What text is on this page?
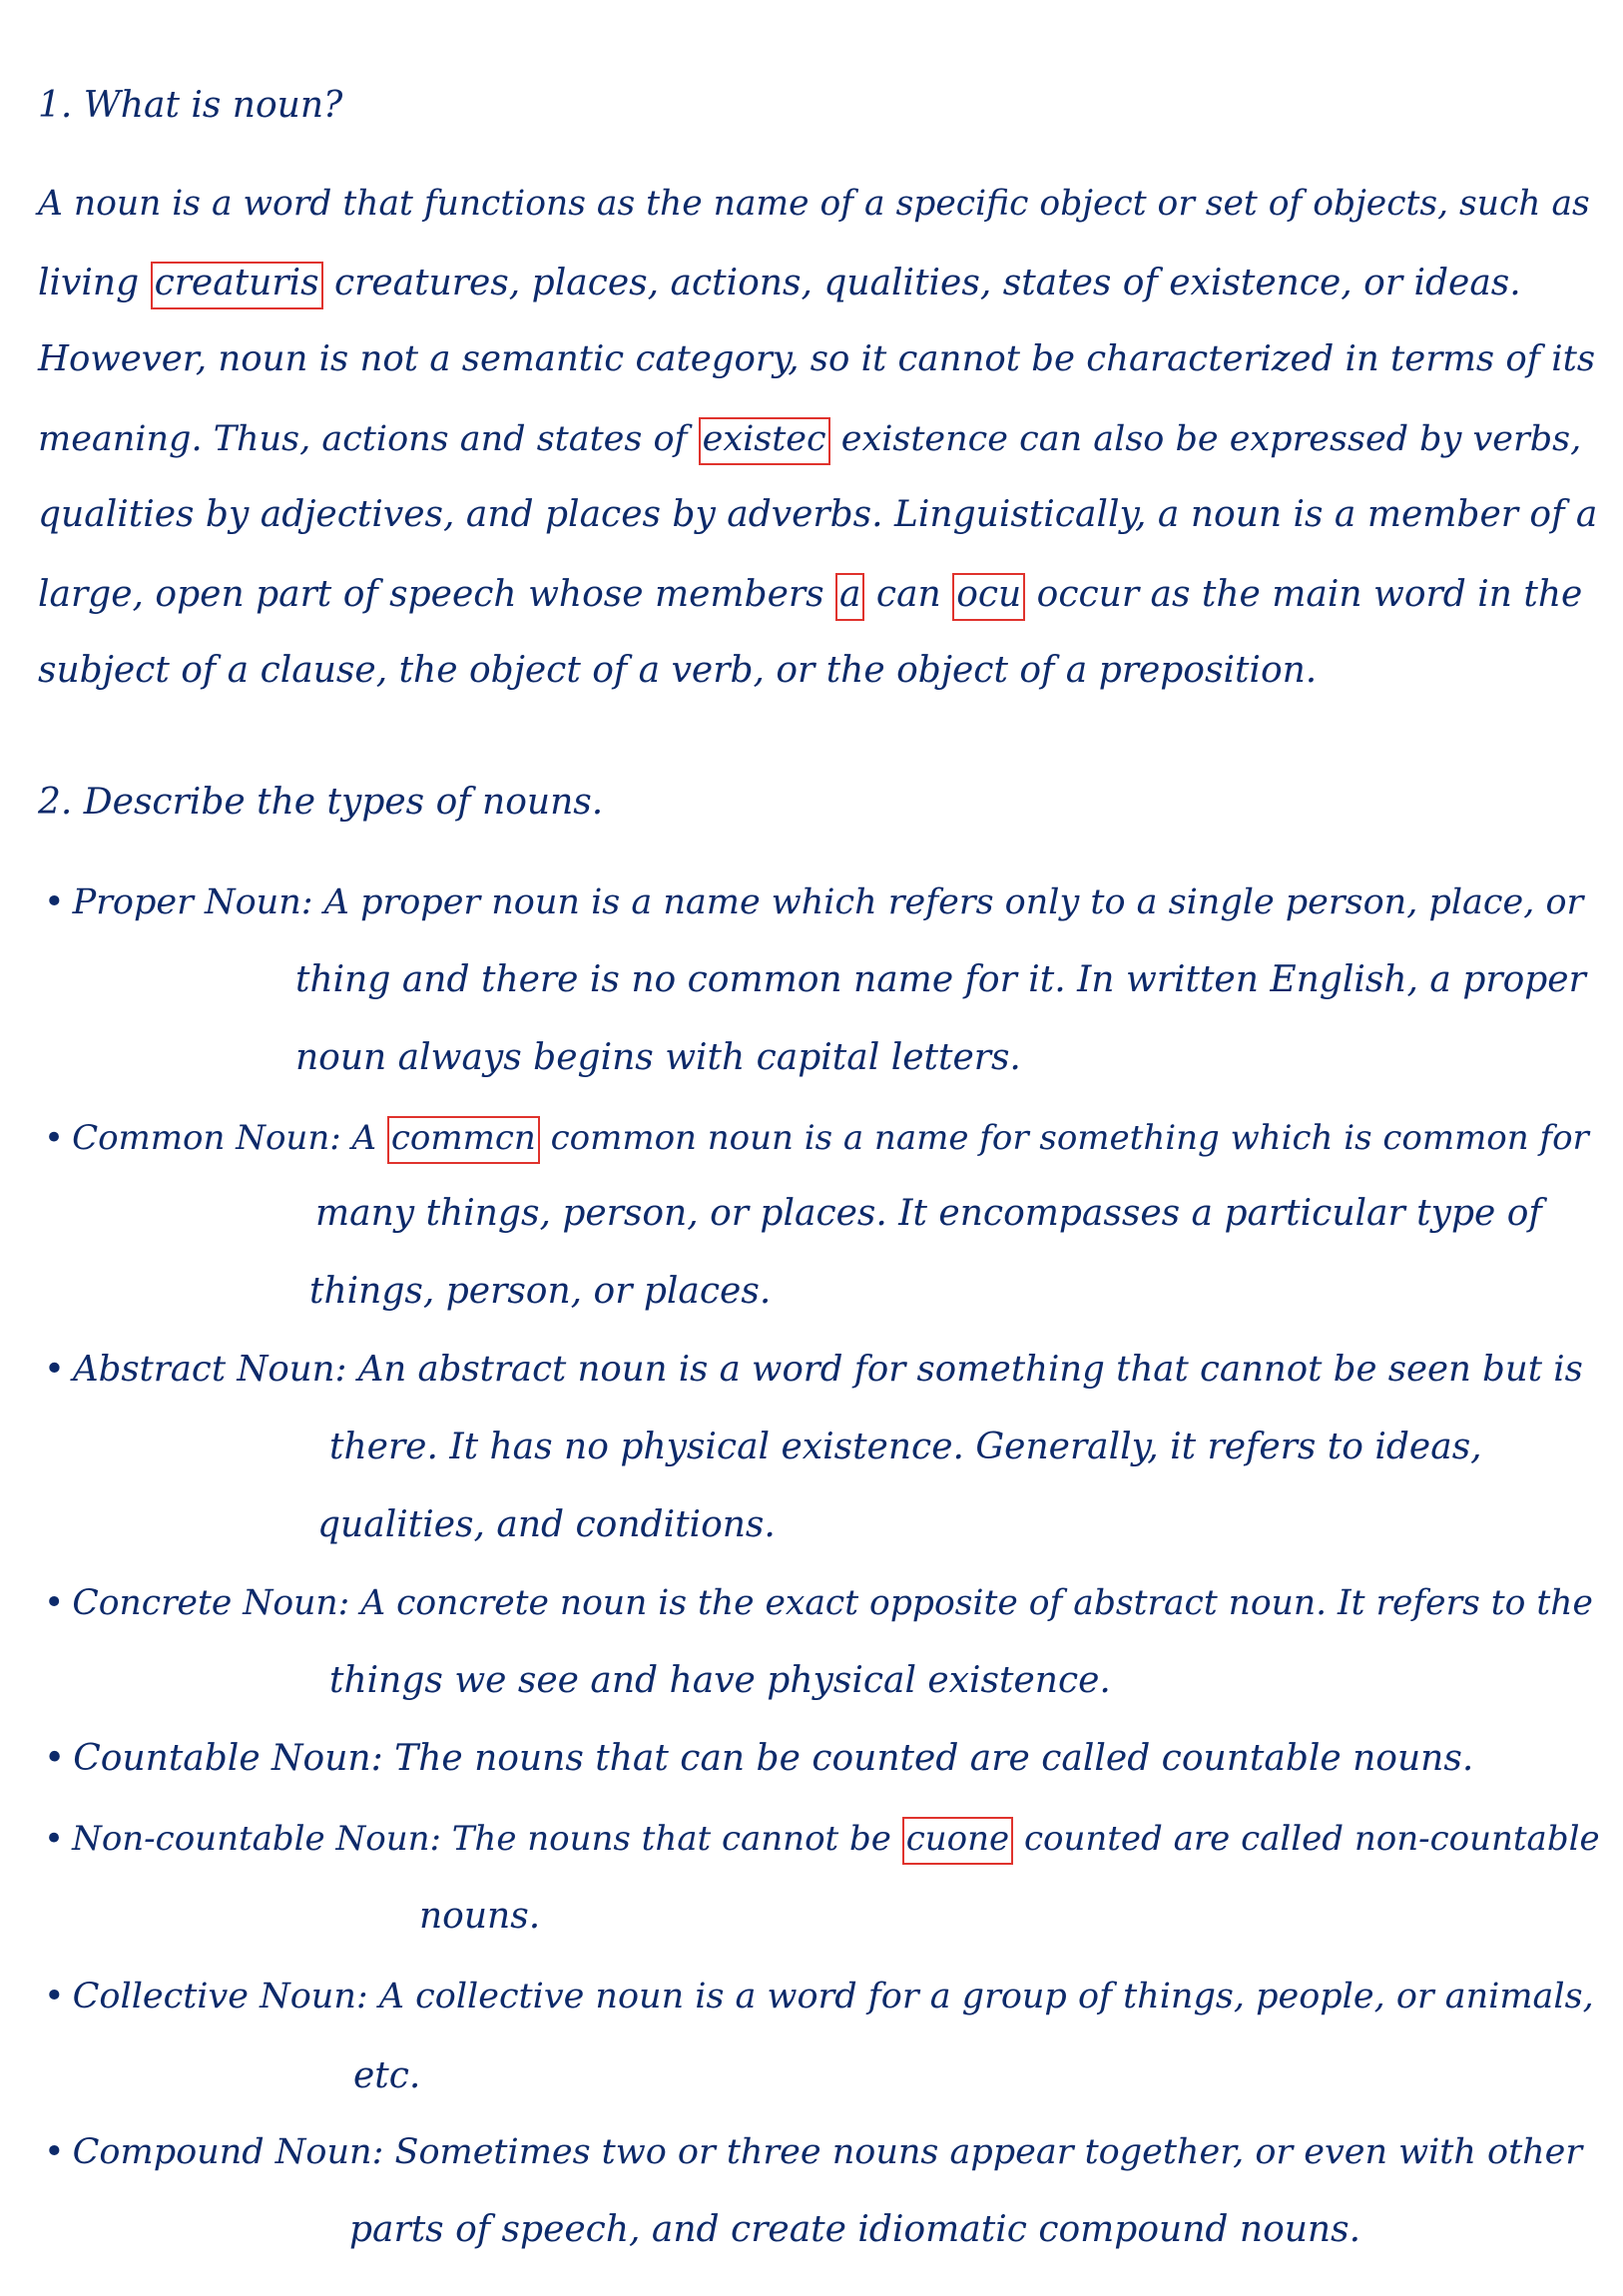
1. What is noun?
A noun is a word that functions as the name of a specific object or set of objects, such as
living creaturis creatures, places, actions, qualities, states of existence, or ideas.
However, noun is not a semantic category, so it cannot be characterized in terms of its
meaning. Thus, actions and states of existec existence can also be expressed by verbs,
qualities by adjectives, and places by adverbs. Linguistically, a noun is a member of a
large, open part of speech whose members a can ocu occur as the main word in the
subject of a clause, the object of a verb, or the object of a preposition.
2. Describe the types of nouns.
• Proper Noun: A proper noun is a name which refers only to a single person, place, or
thing and there is no common name for it. In written English, a proper
noun always begins with capital letters.
• Common Noun: A commcn common noun is a name for something which is common for
many things, person, or places. It encompasses a particular type of
things, person, or places.
• Abstract Noun: An abstract noun is a word for something that cannot be seen but is
there. It has no physical existence. Generally, it refers to ideas,
qualities, and conditions.
• Concrete Noun: A concrete noun is the exact opposite of abstract noun. It refers to the
things we see and have physical existence.
• Countable Noun: The nouns that can be counted are called countable nouns.
• Non-countable Noun: The nouns that cannot be cuone counted are called non-countable
nouns.
• Collective Noun: A collective noun is a word for a group of things, people, or animals,
etc.
• Compound Noun: Sometimes two or three nouns appear together, or even with other
parts of speech, and create idiomatic compound nouns.
